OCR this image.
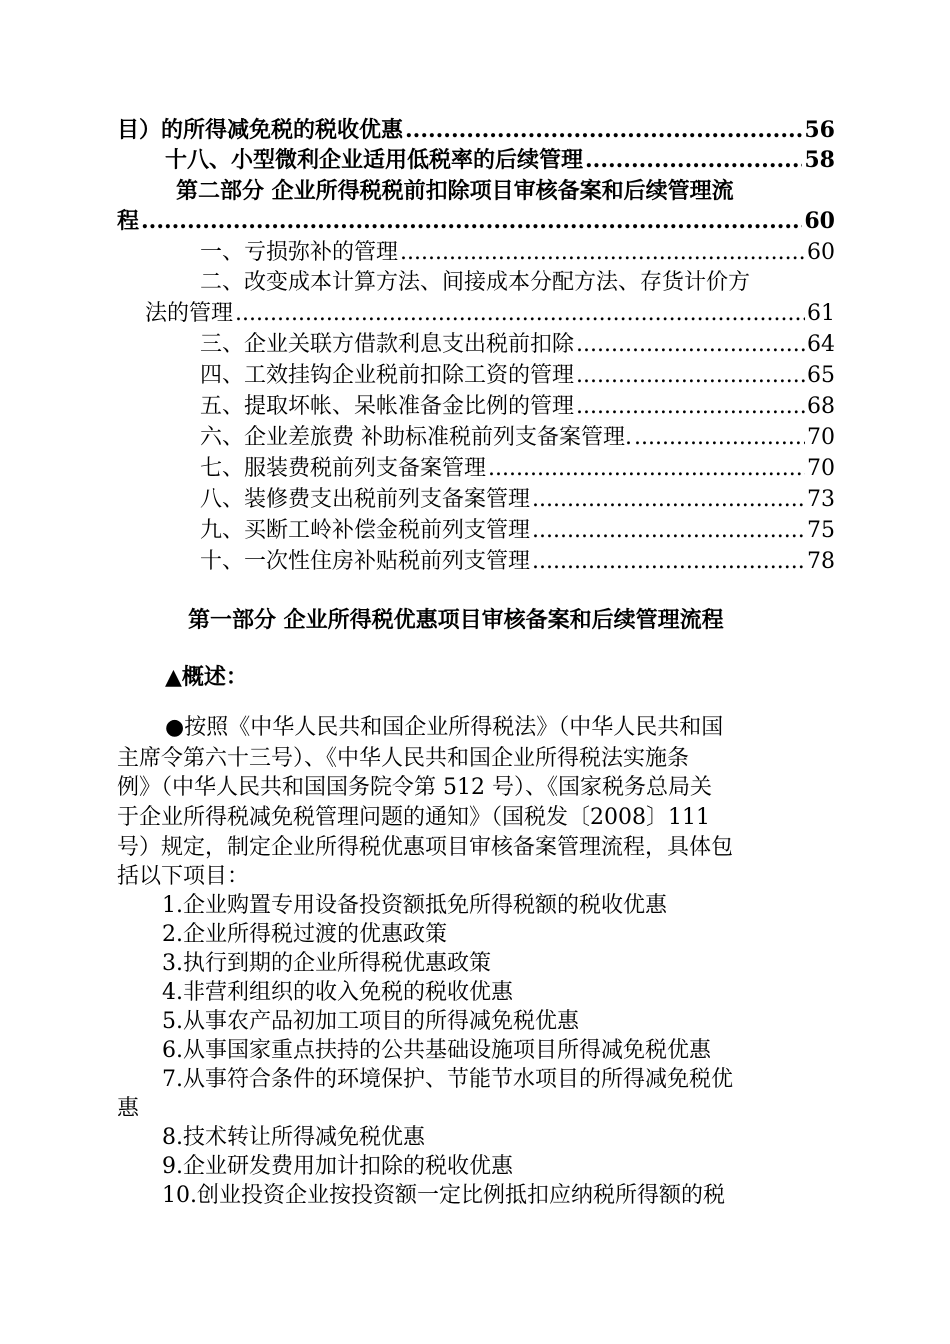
目）的所得减免税的税收优惠 .....	56
十八、小型微利企业适用低税率的后续管理 .....	58
第二部分 企业所得税税前扣除项目审核备案和后续管理流
程 .....	60
一、亏损弥补的管理 .....	60
二、改变成本计算方法、间接成本分配方法、存货计价方
法的管理 .....	61
三、企业关联方借款利息支出税前扣除 .....	64
四、工效挂钩企业税前扣除工资的管理 .....	65
五、提取坏帐、呆帐准备金比例的管理 .....	68
六、企业差旅费 补助标准税前列支备案管理. .....	70
七、服装费税前列支备案管理 .....	70
八、装修费支出税前列支备案管理 .....	73
九、买断工岭补偿金税前列支管理 .....	75
十、一次性住房补贴税前列支管理 .....	78
第一部分 企业所得税优惠项目审核备案和后续管理流程
▲概述：
●按照《中华人民共和国企业所得税法》（中华人民共和国
主席令第六十三号）、《中华人民共和国企业所得税法实施条
例》（中华人民共和国国务院令第 512 号）、《国家税务总局关
于企业所得税减免税管理问题的通知》（国税发〔2008〕111
号）规定，制定企业所得税优惠项目审核备案管理流程，具体包
括以下项目：
1.企业购置专用设备投资额抵免所得税额的税收优惠
2.企业所得税过渡的优惠政策
3.执行到期的企业所得税优惠政策
4.非营利组织的收入免税的税收优惠
5.从事农产品初加工项目的所得减免税优惠
6.从事国家重点扶持的公共基础设施项目所得减免税优惠
7.从事符合条件的环境保护、节能节水项目的所得减免税优
惠
8.技术转让所得减免税优惠
9.企业研发费用加计扣除的税收优惠
10.创业投资企业按投资额一定比例抵扣应纳税所得额的税
